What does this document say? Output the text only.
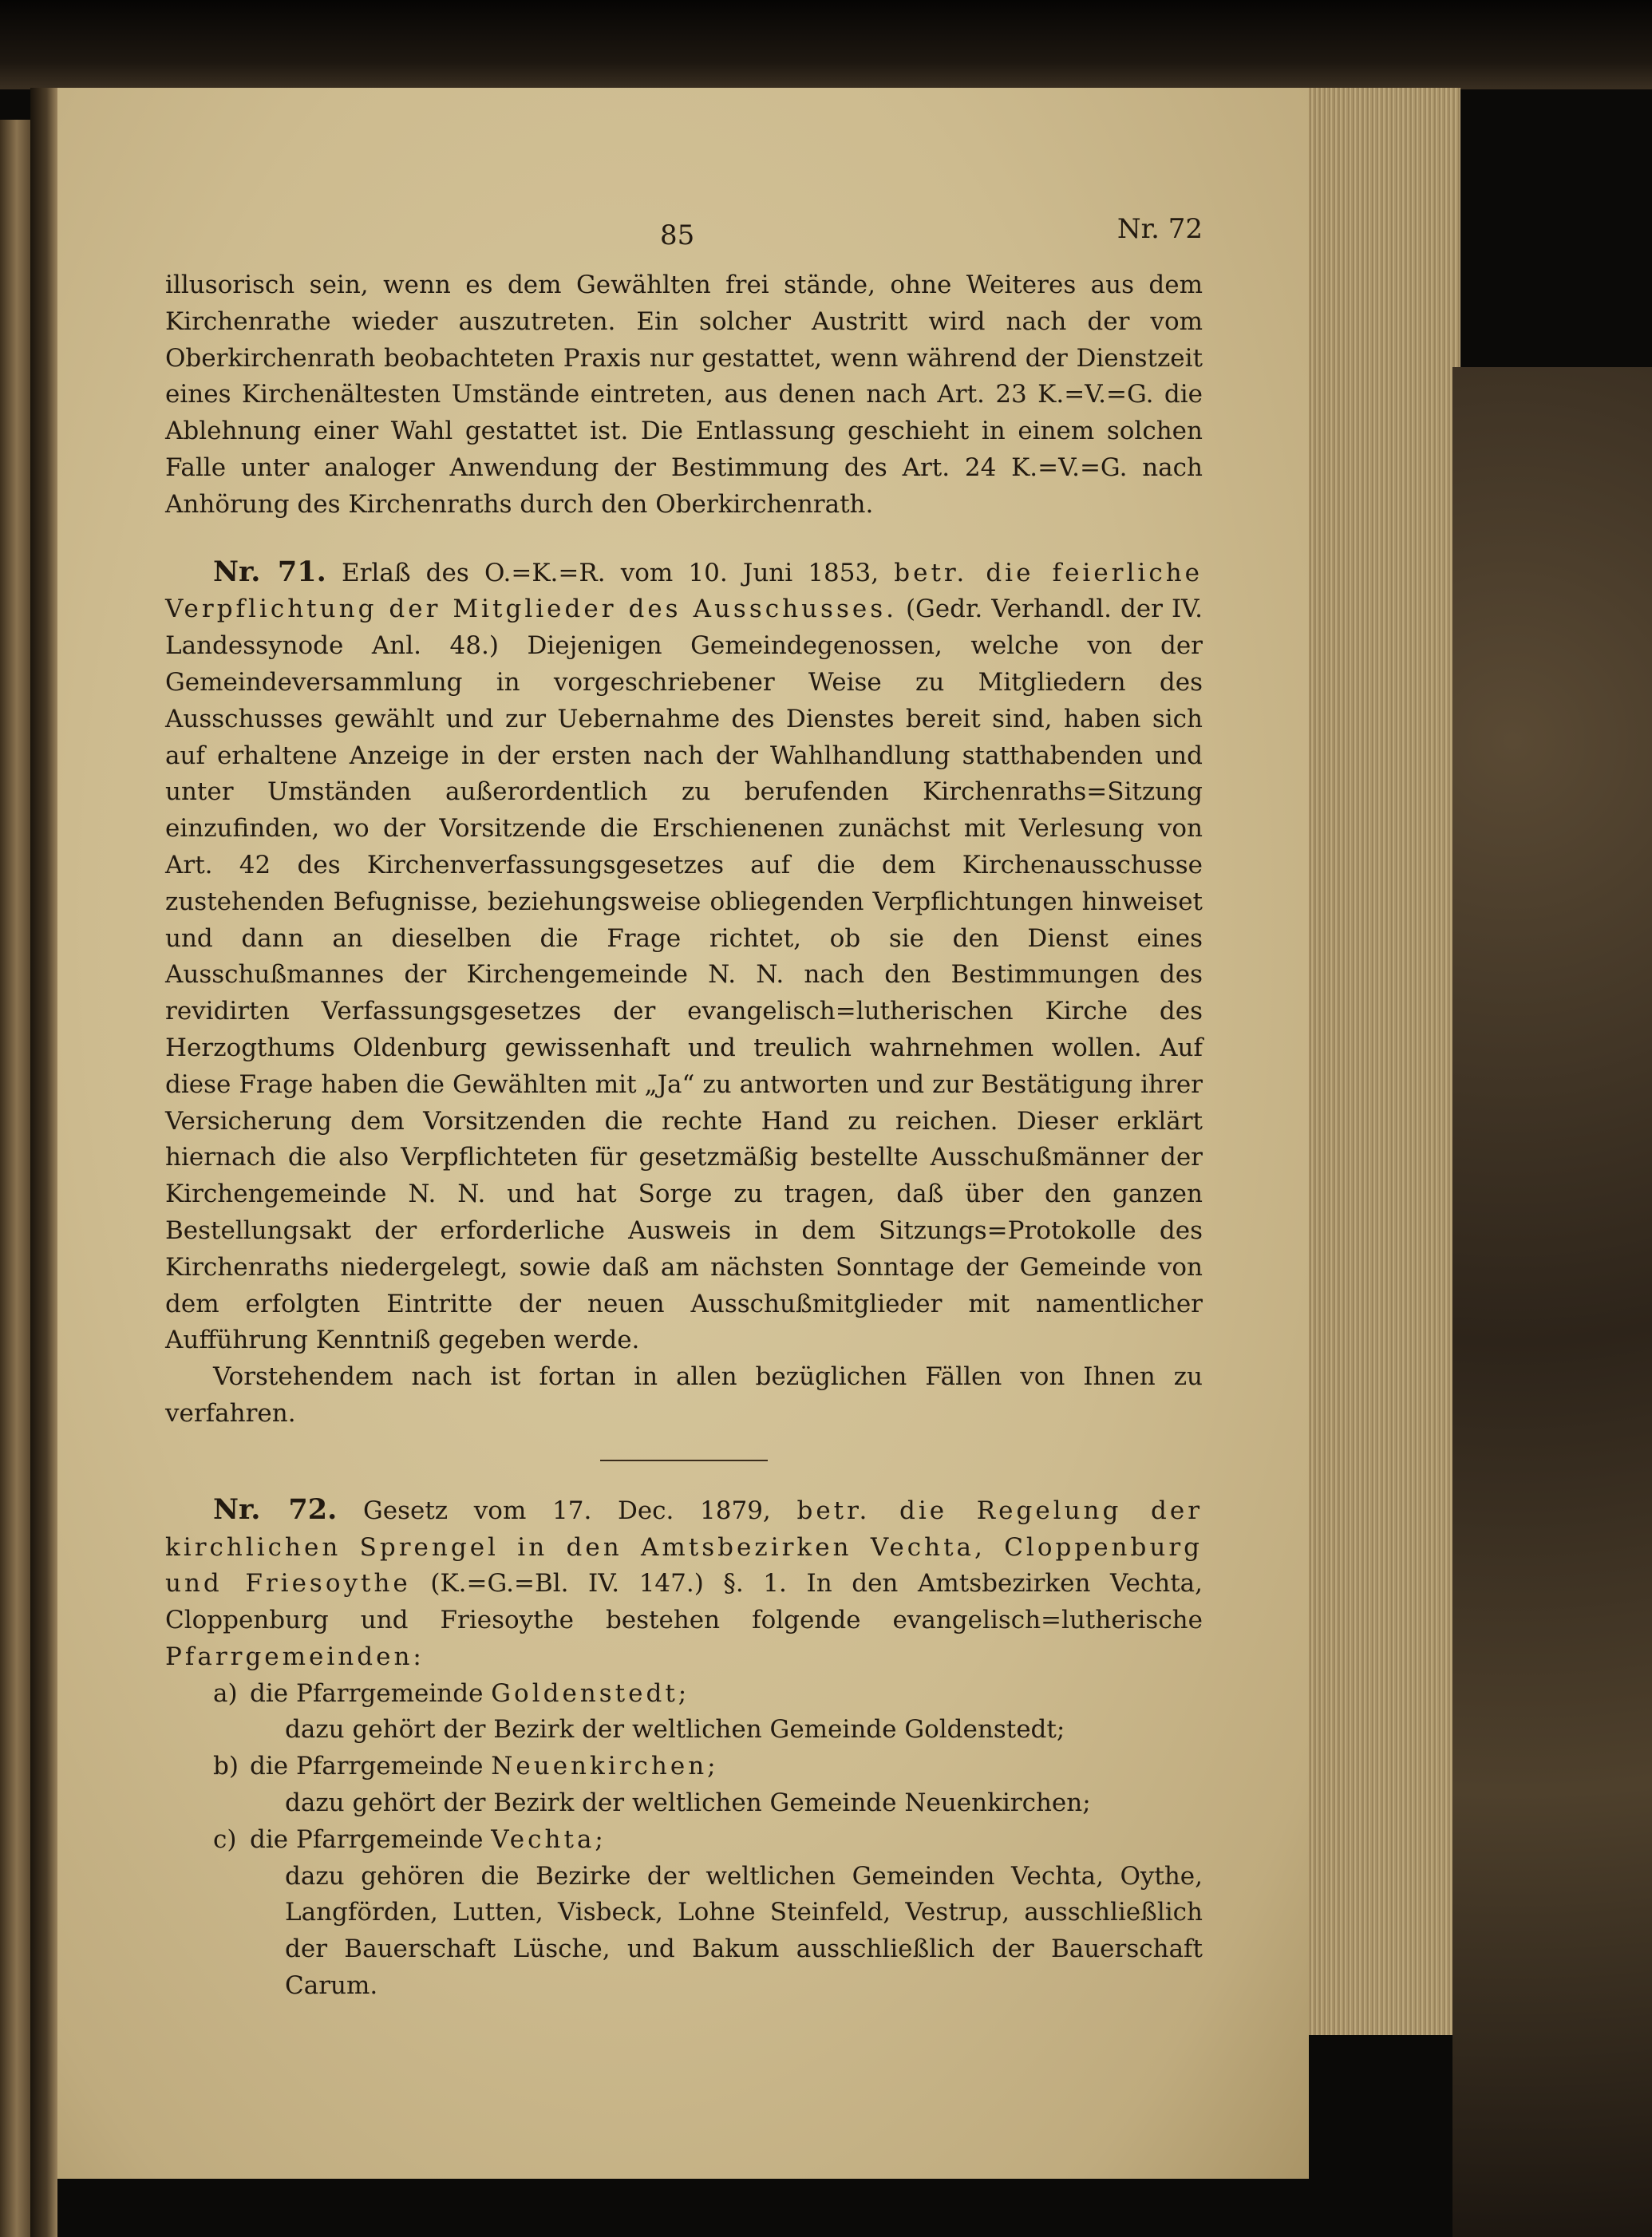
85	Nr. 72

illusorisch sein, wenn es dem Gewählten frei stände, ohne Weiteres aus dem Kirchenrathe wieder auszutreten. Ein solcher Austritt wird nach der vom Oberkirchenrath beobachteten Praxis nur gestattet, wenn während der Dienstzeit eines Kirchenältesten Umstände eintreten, aus denen nach Art. 23 K.=V.=G. die Ablehnung einer Wahl gestattet ist. Die Entlassung geschieht in einem solchen Falle unter analoger Anwendung der Bestimmung des Art. 24 K.=V.=G. nach Anhörung des Kirchenraths durch den Oberkirchenrath.

Nr. 71. Erlaß des O.=K.=R. vom 10. Juni 1853, betr. die feierliche Verpflichtung der Mitglieder des Ausschusses. (Gedr. Verhandl. der IV. Landessynode Anl. 48.) Diejenigen Gemeindegenossen, welche von der Gemeindeversammlung in vorgeschriebener Weise zu Mitgliedern des Ausschusses gewählt und zur Uebernahme des Dienstes bereit sind, haben sich auf erhaltene Anzeige in der ersten nach der Wahlhandlung statthabenden und unter Umständen außerordentlich zu berufenden Kirchenraths=Sitzung einzufinden, wo der Vorsitzende die Erschienenen zunächst mit Verlesung von Art. 42 des Kirchenverfassungsgesetzes auf die dem Kirchenausschusse zustehenden Befugnisse, beziehungsweise obliegenden Verpflichtungen hinweiset und dann an dieselben die Frage richtet, ob sie den Dienst eines Ausschußmannes der Kirchengemeinde N. N. nach den Bestimmungen des revidirten Verfassungsgesetzes der evangelisch=lutherischen Kirche des Herzogthums Oldenburg gewissenhaft und treulich wahrnehmen wollen. Auf diese Frage haben die Gewählten mit „Ja“ zu antworten und zur Bestätigung ihrer Versicherung dem Vorsitzenden die rechte Hand zu reichen. Dieser erklärt hiernach die also Verpflichteten für gesetzmäßig bestellte Ausschußmänner der Kirchengemeinde N. N. und hat Sorge zu tragen, daß über den ganzen Bestellungsakt der erforderliche Ausweis in dem Sitzungs=Protokolle des Kirchenraths niedergelegt, sowie daß am nächsten Sonntage der Gemeinde von dem erfolgten Eintritte der neuen Ausschußmitglieder mit namentlicher Aufführung Kenntniß gegeben werde.

Vorstehendem nach ist fortan in allen bezüglichen Fällen von Ihnen zu verfahren.

Nr. 72. Gesetz vom 17. Dec. 1879, betr. die Regelung der kirchlichen Sprengel in den Amtsbezirken Vechta, Cloppenburg und Friesoythe (K.=G.=Bl. IV. 147.) §. 1. In den Amtsbezirken Vechta, Cloppenburg und Friesoythe bestehen folgende evangelisch=lutherische Pfarrgemeinden:

a) die Pfarrgemeinde Goldenstedt;

dazu gehört der Bezirk der weltlichen Gemeinde Goldenstedt;

b) die Pfarrgemeinde Neuenkirchen;

dazu gehört der Bezirk der weltlichen Gemeinde Neuenkirchen;

c) die Pfarrgemeinde Vechta;

dazu gehören die Bezirke der weltlichen Gemeinden Vechta, Oythe, Langförden, Lutten, Visbeck, Lohne Steinfeld, Vestrup, ausschließlich der Bauerschaft Lüsche, und Bakum ausschließlich der Bauerschaft Carum.
